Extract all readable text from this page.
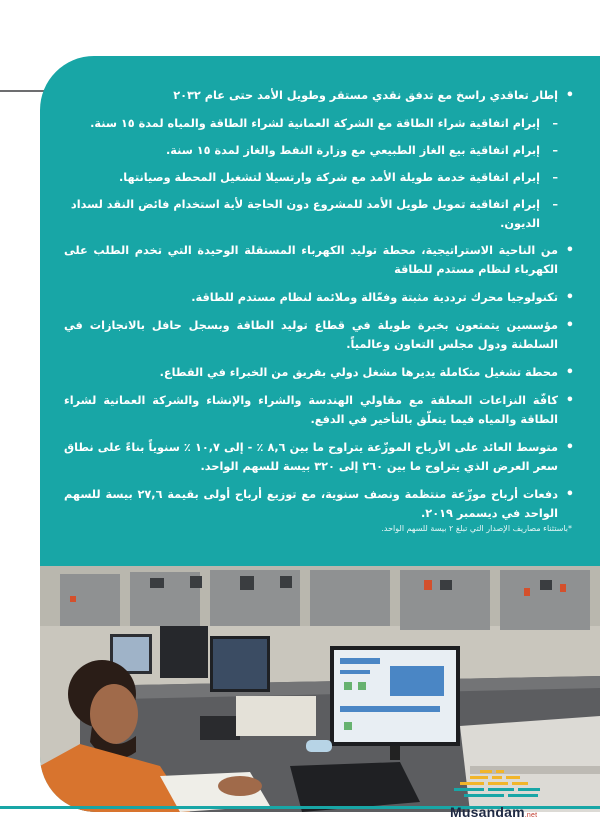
• إطار تعاقدي راسخ مع تدفق نقدي مستقر وطويل الأمد حتى عام ٢٠٣٢
– إبرام اتفاقية شراء الطاقة مع الشركة العمانية لشراء الطاقة والمياه لمدة ١٥ سنة.
– إبرام اتفاقية بيع الغاز الطبيعي مع وزارة النفط والغاز لمدة ١٥ سنة.
– إبرام اتفاقية خدمة طويلة الأمد مع شركة وارتسيلا لتشغيل المحطة وصيانتها.
– إبرام اتفاقية تمويل طويل الأمد للمشروع دون الحاجة لأية استخدام فائض النقد لسداد الديون.
• من الناحية الاستراتيجية، محطة توليد الكهرباء المستقلة الوحيدة التي تخدم الطلب على الكهرباء لنظام مستدم للطاقة
• تكنولوجيا محرك ترددية مثبتة وفعّالة وملائمة لنظام مستدم للطاقة.
• مؤسسين يتمتعون بخبرة طويلة في قطاع توليد الطاقة وبسجل حافل بالانجازات في السلطنة ودول مجلس التعاون وعالمياً.
• محطة تشغيل متكاملة يديرها مشغل دولي بفريق من الخبراء في القطاع.
• كافّة النزاعات المعلقة مع مقاولي الهندسة والشراء والإنشاء والشركة العمانية لشراء الطاقة والمياه فيما يتعلّق بالتأخير في الدفع.
• متوسط العائد على الأرباح الموزّعة يتراوح ما بين ٨,٦ ٪ - إلى ١٠,٧ ٪ سنوياً بناءً على نطاق سعر العرض الذي يتراوح ما بين ٢٦٠ إلى ٣٢٠ بيسة للسهم الواحد.
• دفعات أرباح موزّعة منتظمة ونصف سنوية، مع توزيع أرباح أولى بقيمة ٢٧,٦ بيسة للسهم الواحد في ديسمبر ٢٠١٩.
*باستثناء مصاريف الإصدار التي تبلغ ٢ بيسة للسهم الواحد.
Musandam.net
